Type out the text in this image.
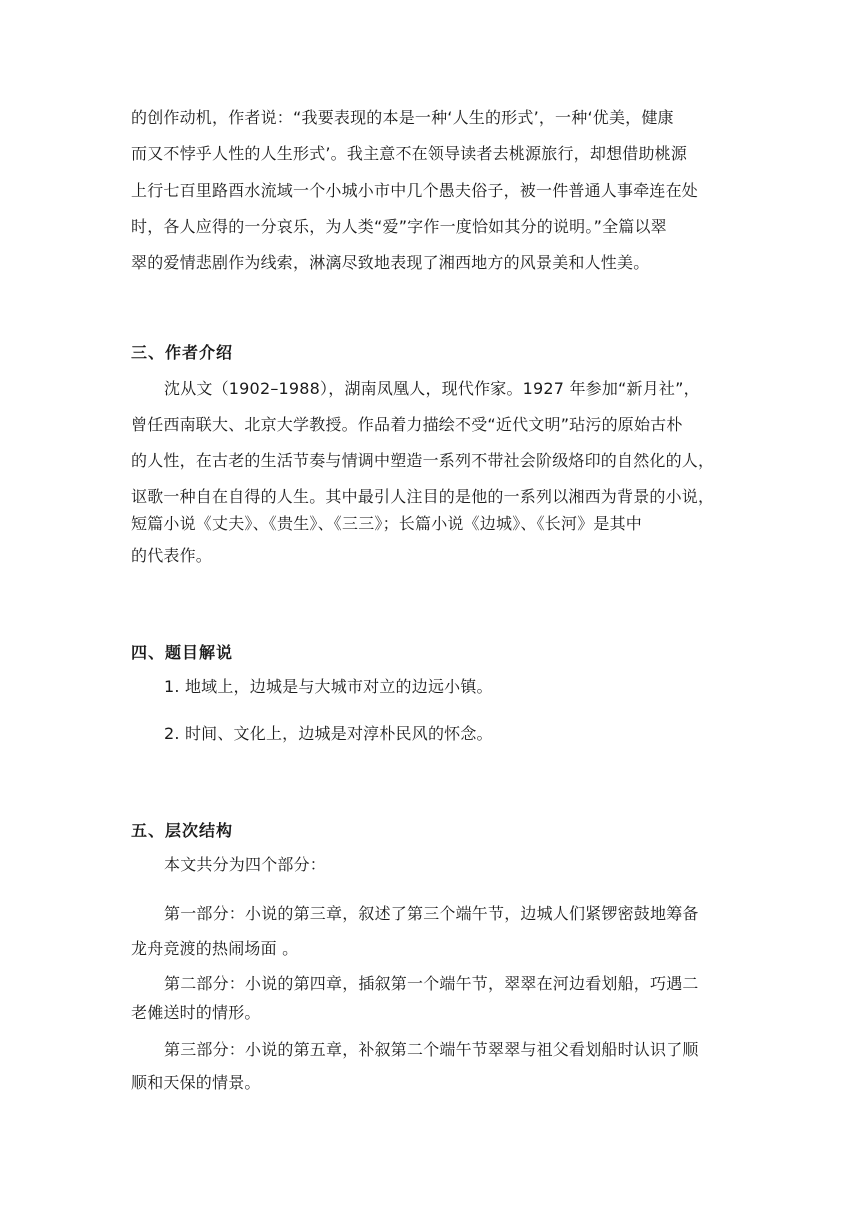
的创作动机，作者说：“我要表现的本是一种‘人生的形式’，一种‘优美，健康
而又不悖乎人性的人生形式’。我主意不在领导读者去桃源旅行，却想借助桃源
上行七百里路酉水流域一个小城小市中几个愚夫俗子，被一件普通人事牵连在处
时，各人应得的一分哀乐，为人类“爱”字作一度恰如其分的说明。”全篇以翠
翠的爱情悲剧作为线索，淋漓尽致地表现了湘西地方的风景美和人性美。
三、作者介绍
沈从文（1902–1988），湖南凤凰人，现代作家。1927 年参加“新月社”，
曾任西南联大、北京大学教授。作品着力描绘不受“近代文明”玷污的原始古朴
的人性，在古老的生活节奏与情调中塑造一系列不带社会阶级烙印的自然化的人，
讴歌一种自在自得的人生。其中最引人注目的是他的一系列以湘西为背景的小说，
短篇小说《丈夫》、《贵生》、《三三》；长篇小说《边城》、《长河》是其中
的代表作。
四、题目解说
1. 地域上，边城是与大城市对立的边远小镇。
2. 时间、文化上，边城是对淳朴民风的怀念。
五、层次结构
本文共分为四个部分：
第一部分：小说的第三章，叙述了第三个端午节，边城人们紧锣密鼓地筹备
龙舟竞渡的热闹场面 。
第二部分：小说的第四章，插叙第一个端午节，翠翠在河边看划船，巧遇二
老傩送时的情形。
第三部分：小说的第五章，补叙第二个端午节翠翠与祖父看划船时认识了顺
顺和天保的情景。
